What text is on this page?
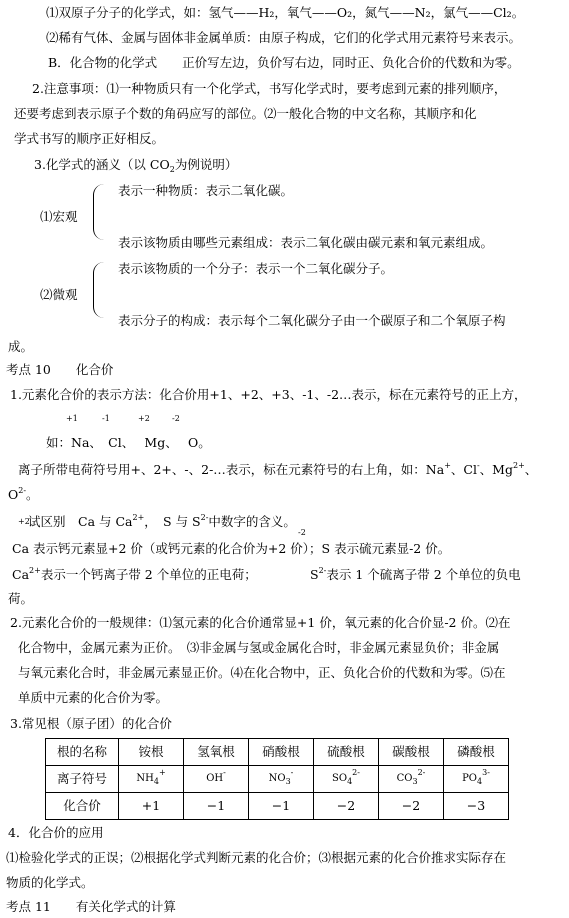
⑴双原子分子的化学式，如：氢气——H₂，氧气——O₂，氮气——N₂，氯气——Cl₂。
⑵稀有气体、金属与固体非金属单质：由原子构成，它们的化学式用元素符号来表示。
B．化合物的化学式　　正价写左边，负价写右边，同时正、负化合价的代数和为零。
2.注意事项：⑴一种物质只有一个化学式，书写化学式时，要考虑到元素的排列顺序，
还要考虑到表示原子个数的角码应写的部位。⑵一般化合物的中文名称，其顺序和化
学式书写的顺序正好相反。
3.化学式的涵义（以 $CO_2$为例说明）
表示一种物质：表示二氧化碳。
⑴宏观
表示该物质由哪些元素组成：表示二氧化碳由碳元素和氧元素组成。
表示该物质的一个分子：表示一个二氧化碳分子。
⑵微观
表示分子的构成：表示每个二氧化碳分子由一个碳原子和二个氧原子构
成。
考点 10　　化合价
1.元素化合价的表示方法：化合价用+1、+2、+3、-1、-2…表示，标在元素符号的正上方，
+1	-1	+2	-2
如：Na、　Cl、　 Mg、　 O。
离子所带电荷符号用+、2+、-、2-…表示，标在元素符号的右上角，如：Na+、Cl-、$Mg^{2+}$、
$O^{2-}$。
+2
试区别　Ca 与 $Ca^{2+}$，　S 与 $S^{2-}$中数字的含义。
-2
Ca 表示钙元素显+2 价（或钙元素的化合价为+2 价）；S 表示硫元素显-2 价。
$Ca^{2+}$表示一个钙离子带 2 个单位的正电荷；	$S^{2-}$表示 1 个硫离子带 2 个单位的负电
荷。
2.元素化合价的一般规律：⑴氢元素的化合价通常显+1 价，氧元素的化合价显-2 价。⑵在
化合物中，金属元素为正价。　⑶非金属与氢或金属化合时，非金属元素显负价；非金属
与氧元素化合时，非金属元素显正价。⑷在化合物中，正、负化合价的代数和为零。⑸在
单质中元素的化合价为零。
3.常见根（原子团）的化合价
根的名称	铵根	氢氧根	硝酸根	硫酸根	碳酸根	磷酸根
离子符号	$NH_4^+$	OH-	$NO_3^-$	$SO_4^{2-}$	$CO_3^{2-}$	$PO_4^{3-}$
化合价	+1	−1	−1	−2	−2	−3
4．化合价的应用
⑴检验化学式的正误；⑵根据化学式判断元素的化合价；⑶根据元素的化合价推求实际存在
物质的化学式。
考点 11　　有关化学式的计算
